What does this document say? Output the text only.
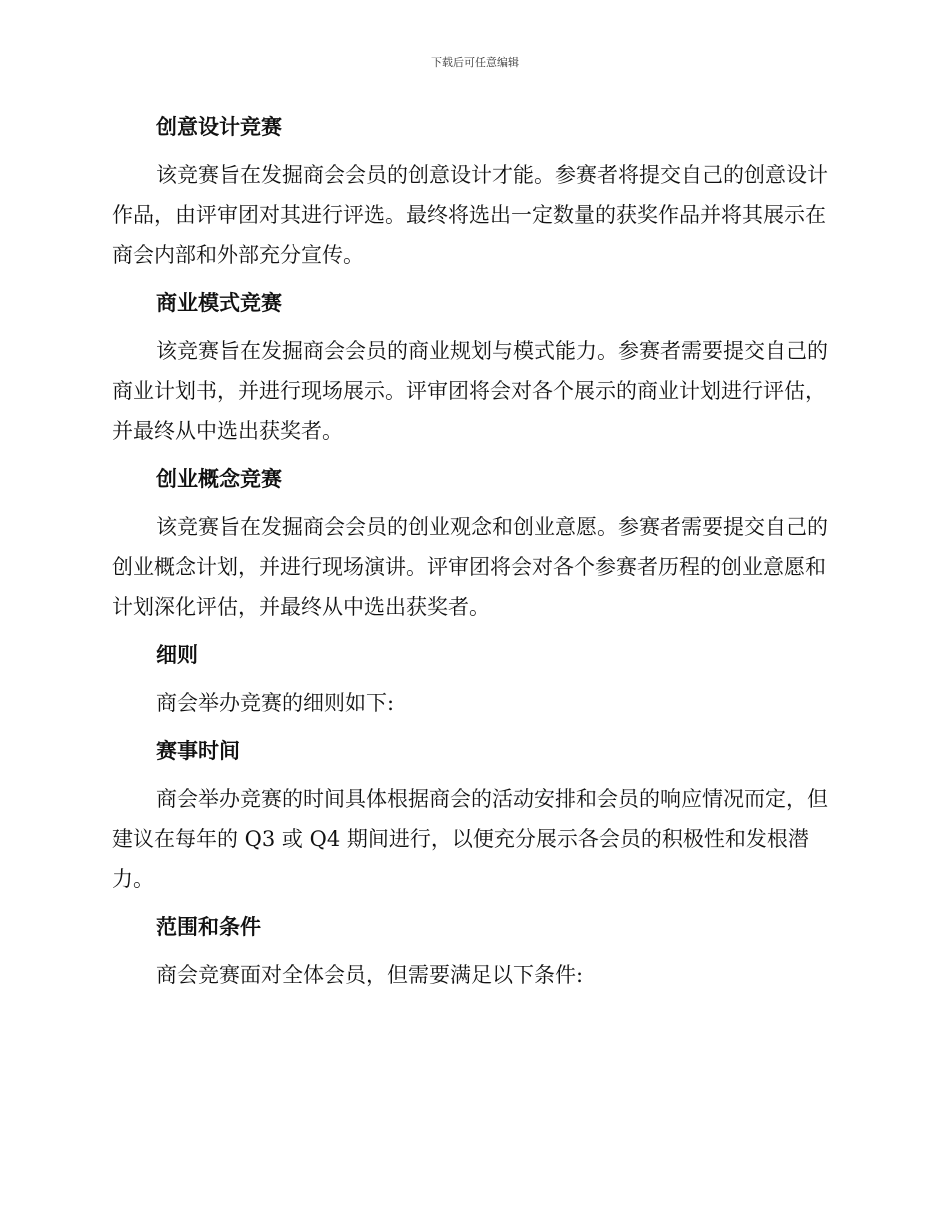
下载后可任意编辑
创意设计竞赛

该竞赛旨在发掘商会会员的创意设计才能。参赛者将提交自己的创意设计作品，由评审团对其进行评选。最终将选出一定数量的获奖作品并将其展示在商会内部和外部充分宣传。

商业模式竞赛

该竞赛旨在发掘商会会员的商业规划与模式能力。参赛者需要提交自己的商业计划书，并进行现场展示。评审团将会对各个展示的商业计划进行评估，并最终从中选出获奖者。

创业概念竞赛

该竞赛旨在发掘商会会员的创业观念和创业意愿。参赛者需要提交自己的创业概念计划，并进行现场演讲。评审团将会对各个参赛者历程的创业意愿和计划深化评估，并最终从中选出获奖者。

细则

商会举办竞赛的细则如下:

赛事时间

商会举办竞赛的时间具体根据商会的活动安排和会员的响应情况而定，但建议在每年的 Q3 或 Q4 期间进行，以便充分展示各会员的积极性和发根潜力。

范围和条件

商会竞赛面对全体会员，但需要满足以下条件:
